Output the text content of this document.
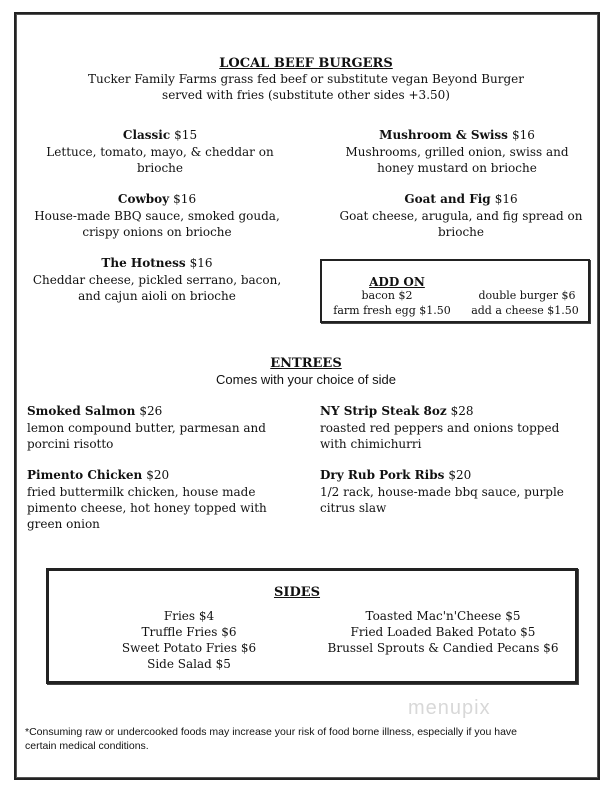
LOCAL BEEF BURGERS
Tucker Family Farms grass fed beef or substitute vegan Beyond Burger
served with fries (substitute other sides +3.50)
Classic $15
Lettuce, tomato, mayo, & cheddar on
brioche
Mushroom & Swiss $16
Mushrooms, grilled onion, swiss and
honey mustard on brioche
Cowboy $16
House-made BBQ sauce, smoked gouda,
crispy onions on brioche
Goat and Fig $16
Goat cheese, arugula, and fig spread on
brioche
The Hotness $16
Cheddar cheese, pickled serrano, bacon,
and cajun aioli on brioche
ADD ON
bacon $2	double burger $6
farm fresh egg $1.50	add a cheese $1.50
ENTREES
Comes with your choice of side
Smoked Salmon $26
lemon compound butter, parmesan and
porcini risotto
NY Strip Steak 8oz $28
roasted red peppers and onions topped
with chimichurri
Pimento Chicken $20
fried buttermilk chicken, house made
pimento cheese, hot honey topped with
green onion
Dry Rub Pork Ribs $20
1/2 rack, house-made bbq sauce, purple
citrus slaw
SIDES
Fries $4
Truffle Fries $6
Sweet Potato Fries $6
Side Salad $5
Toasted Mac'n'Cheese $5
Fried Loaded Baked Potato $5
Brussel Sprouts & Candied Pecans $6
menupix
*Consuming raw or undercooked foods may increase your risk of food borne illness, especially if you have
certain medical conditions.
